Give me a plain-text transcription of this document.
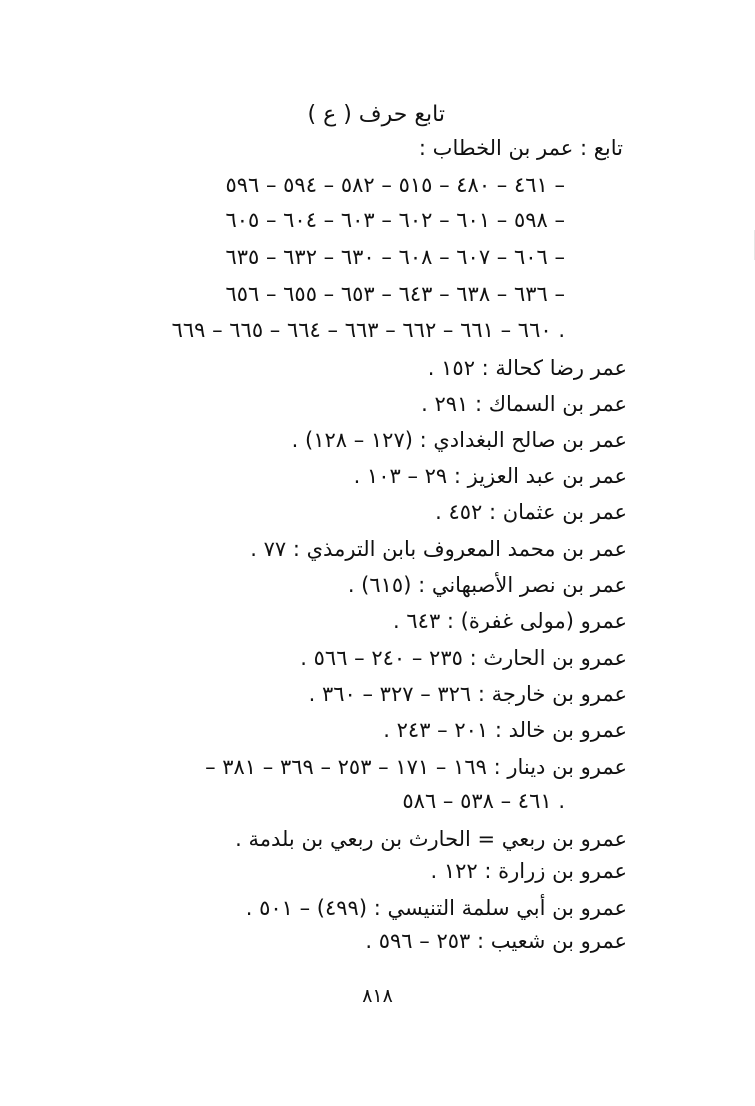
تابع حرف ( ع )
تابع : عمر بن الخطاب :
٤٦١ – ٤٨٠ – ٥١٥ – ٥٨٢ – ٥٩٤ – ٥٩٦ –
٥٩٨ – ٦٠١ – ٦٠٢ – ٦٠٣ – ٦٠٤ – ٦٠٥ –
٦٠٦ – ٦٠٧ – ٦٠٨ – ٦٣٠ – ٦٣٢ – ٦٣٥ –
٦٣٦ – ٦٣٨ – ٦٤٣ – ٦٥٣ – ٦٥٥ – ٦٥٦ –
٦٦٠ – ٦٦١ – ٦٦٢ – ٦٦٣ – ٦٦٤ – ٦٦٥ – ٦٦٩ .
عمر رضا كحالة : ١٥٢ .
عمر بن السماك : ٢٩١ .
عمر بن صالح البغدادي : (١٢٧ – ١٢٨) .
عمر بن عبد العزيز : ٢٩ – ١٠٣ .
عمر بن عثمان : ٤٥٢ .
عمر بن محمد المعروف بابن الترمذي : ٧٧ .
عمر بن نصر الأصبهاني : (٦١٥) .
عمرو (مولى غفرة) : ٦٤٣ .
عمرو بن الحارث : ٢٣٥ – ٢٤٠ – ٥٦٦ .
عمرو بن خارجة : ٣٢٦ – ٣٢٧ – ٣٦٠ .
عمرو بن خالد : ٢٠١ – ٢٤٣ .
عمرو بن دينار : ١٦٩ – ١٧١ – ٢٥٣ – ٣٦٩ – ٣٨١ –
٤٦١ – ٥٣٨ – ٥٨٦ .
عمرو بن ربعي = الحارث بن ربعي بن بلدمة .
عمرو بن زرارة : ١٢٢ .
عمرو بن أبي سلمة التنيسي : (٤٩٩) – ٥٠١ .
عمرو بن شعيب : ٢٥٣ – ٥٩٦ .
٨١٨
